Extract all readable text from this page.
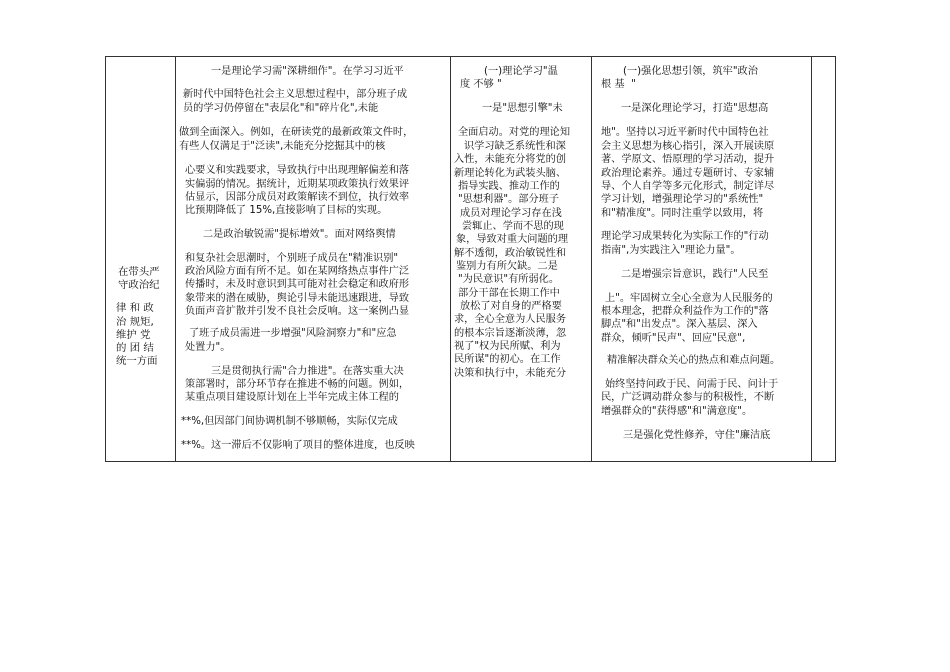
在带头严

守政治纪

律 和 政

治 规矩,

维护 党

的 团 结

统一方面

一是理论学习需"深耕细作"。在学习习近平

新时代中国特色社会主义思想过程中，部分班子成

员的学习仍停留在"表层化"和"碎片化",未能

做到全面深入。例如，在研读党的最新政策文件时，

有些人仅满足于"泛读",未能充分挖掘其中的核

心要义和实践要求，导致执行中出现理解偏差和落

实偏弱的情况。据统计，近期某项政策执行效果评

估显示，因部分成员对政策解读不到位，执行效率

比预期降低了 15%,直接影响了目标的实现。

二是政治敏锐需"提标增效"。面对网络舆情

和复杂社会思潮时，个别班子成员在"精准识别"

政治风险方面有所不足。如在某网络热点事件广泛

传播时，未及时意识到其可能对社会稳定和政府形

象带来的潜在威胁，舆论引导未能迅速跟进，导致

负面声音扩散并引发不良社会反响。这一案例凸显

了班子成员需进一步增强"风险洞察力"和"应急

处置力"。

三是贯彻执行需"合力推进"。在落实重大决

策部署时，部分环节存在推进不畅的问题。例如，

某重点项目建设原计划在上半年完成主体工程的

**%,但因部门间协调机制不够顺畅，实际仅完成

**%。这一滞后不仅影响了项目的整体进度，也反映

(一)理论学习"温

度 不够 "

一是"思想引擎"未

全面启动。对党的理论知

识学习缺乏系统性和深

入性，未能充分将党的创

新理论转化为武装头脑、

指导实践、推动工作的

"思想利器"。部分班子

成员对理论学习存在浅

尝辄止、学而不思的现

象，导致对重大问题的理

解不透彻，政治敏锐性和

鉴别力有所欠缺。二是

"为民意识"有所弱化。

部分干部在长期工作中

放松了对自身的严格要

求，全心全意为人民服务

的根本宗旨逐渐淡薄，忽

视了"权为民所赋、利为

民所谋"的初心。在工作

决策和执行中，未能充分

(一)强化思想引领，筑牢"政治

根 基  "

一是深化理论学习，打造"思想高

地"。坚持以习近平新时代中国特色社

会主义思想为核心指引，深入开展读原

著、学原文、悟原理的学习活动，提升

政治理论素养。通过专题研讨、专家辅

导、个人自学等多元化形式，制定详尽

学习计划，增强理论学习的"系统性"

和"精准度"。同时注重学以致用，将

理论学习成果转化为实际工作的"行动

指南",为实践注入"理论力量"。

二是增强宗旨意识，践行"人民至

上"。牢固树立全心全意为人民服务的

根本理念，把群众利益作为工作的"落

脚点"和"出发点"。深入基层、深入

群众，倾听"民声"、回应"民意",

精准解决群众关心的热点和难点问题。

始终坚持问政于民、问需于民、问计于

民，广泛调动群众参与的积极性，不断

增强群众的"获得感"和"满意度"。

三是强化党性修养，守住"廉洁底
